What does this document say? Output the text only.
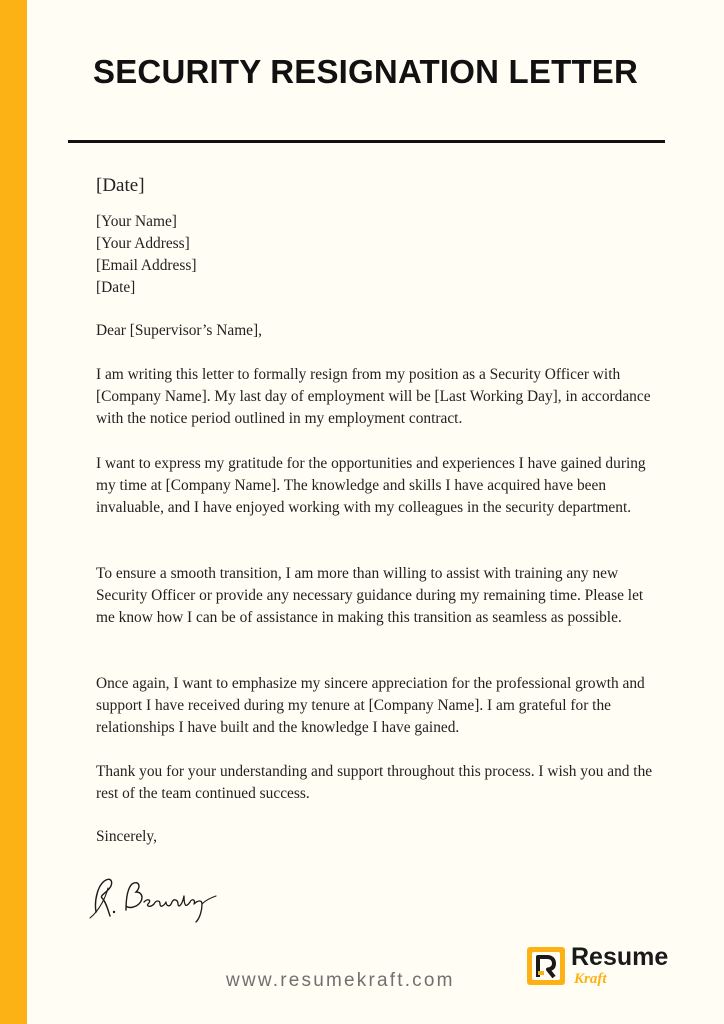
SECURITY RESIGNATION LETTER
[Date]
[Your Name]
[Your Address]
[Email Address]
[Date]
Dear [Supervisor’s Name],

I am writing this letter to formally resign from my position as a Security Officer with [Company Name]. My last day of employment will be [Last Working Day], in accordance with the notice period outlined in my employment contract.

I want to express my gratitude for the opportunities and experiences I have gained during my time at [Company Name]. The knowledge and skills I have acquired have been invaluable, and I have enjoyed working with my colleagues in the security department.

To ensure a smooth transition, I am more than willing to assist with training any new Security Officer or provide any necessary guidance during my remaining time. Please let me know how I can be of assistance in making this transition as seamless as possible.

Once again, I want to emphasize my sincere appreciation for the professional growth and support I have received during my tenure at [Company Name]. I am grateful for the relationships I have built and the knowledge I have gained.

Thank you for your understanding and support throughout this process. I wish you and the rest of the team continued success.

Sincerely,
www.resumekraft.com
Resume
Kraft
